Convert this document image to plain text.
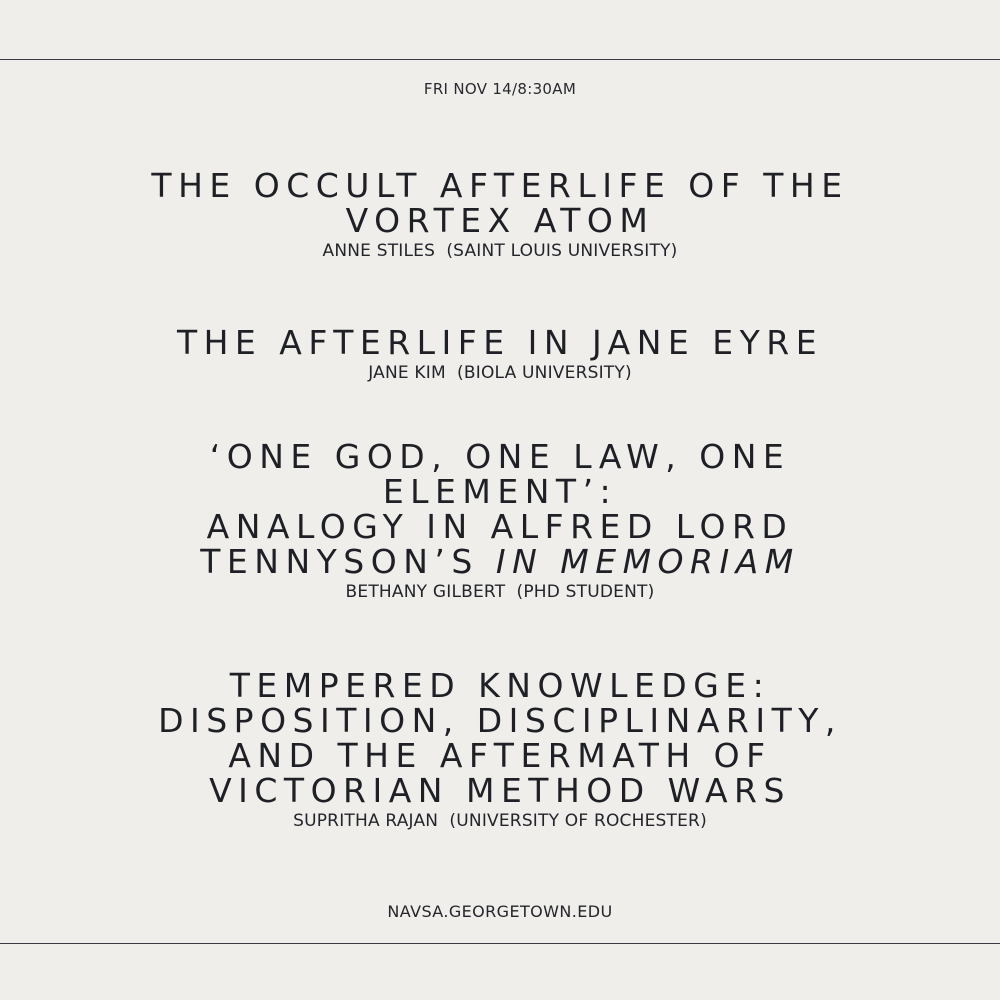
FRI NOV 14/8:30AM
THE OCCULT AFTERLIFE OF THE
VORTEX ATOM
ANNE STILES  (SAINT LOUIS UNIVERSITY)
THE AFTERLIFE IN JANE EYRE
JANE KIM  (BIOLA UNIVERSITY)
‘ONE GOD, ONE LAW, ONE
ELEMENT’:
ANALOGY IN ALFRED LORD
TENNYSON’S IN MEMORIAM
BETHANY GILBERT  (PHD STUDENT)
TEMPERED KNOWLEDGE:
DISPOSITION, DISCIPLINARITY,
AND THE AFTERMATH OF
VICTORIAN METHOD WARS
SUPRITHA RAJAN  (UNIVERSITY OF ROCHESTER)
NAVSA.GEORGETOWN.EDU
